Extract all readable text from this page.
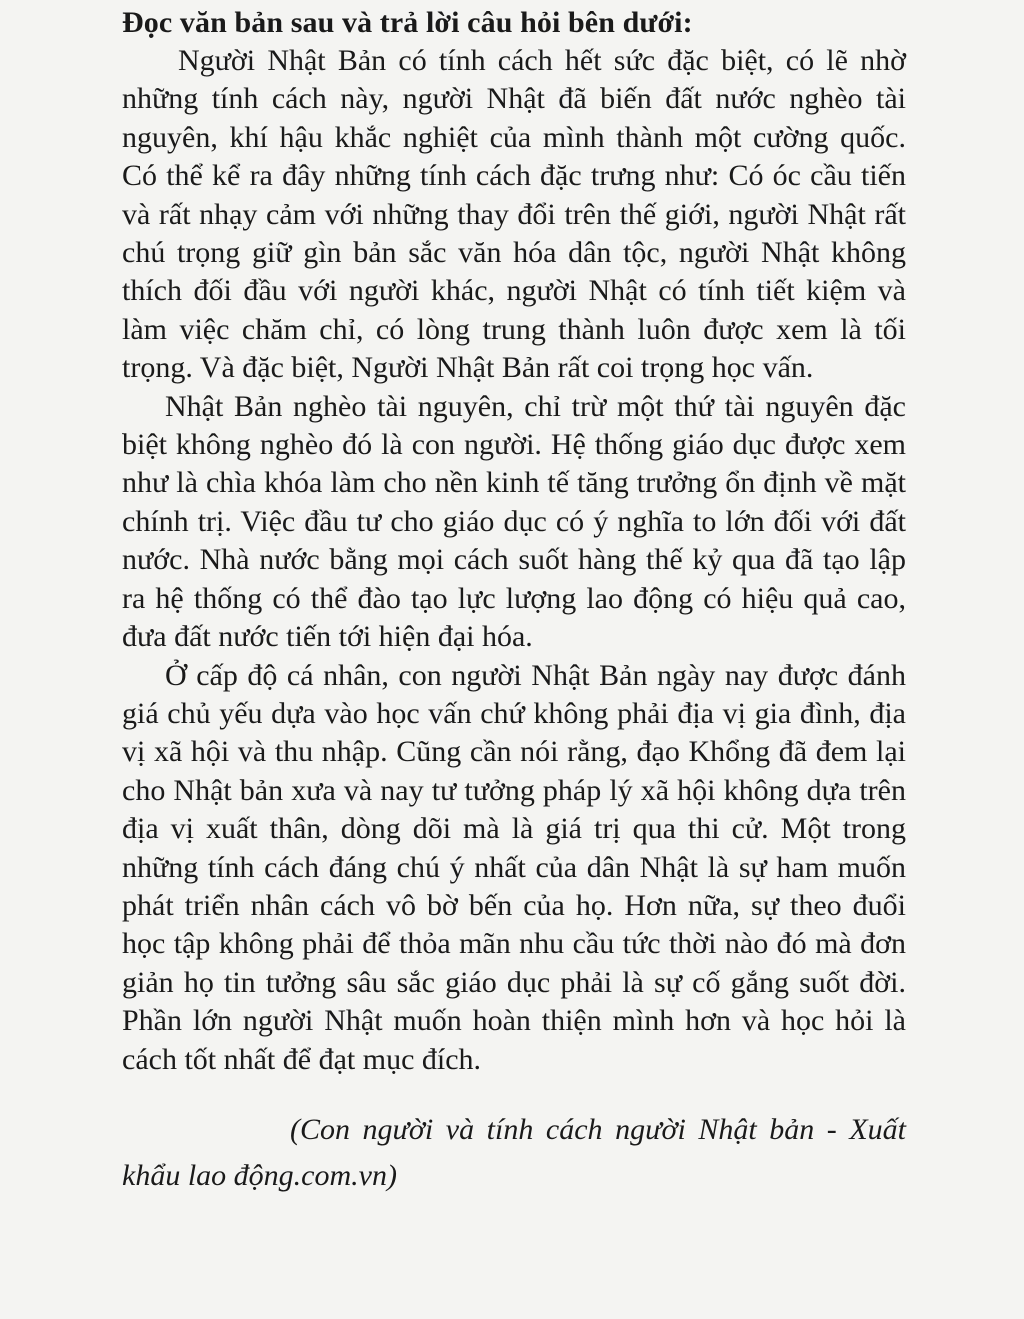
Đọc văn bản sau và trả lời câu hỏi bên dưới:

Người Nhật Bản có tính cách hết sức đặc biệt, có lẽ nhờ những tính cách này, người Nhật đã biến đất nước nghèo tài nguyên, khí hậu khắc nghiệt của mình thành một cường quốc. Có thể kể ra đây những tính cách đặc trưng như: Có óc cầu tiến và rất nhạy cảm với những thay đổi trên thế giới, người Nhật rất chú trọng giữ gìn bản sắc văn hóa dân tộc, người Nhật không thích đối đầu với người khác, người Nhật có tính tiết kiệm và làm việc chăm chỉ, có lòng trung thành luôn được xem là tối trọng. Và đặc biệt, Người Nhật Bản rất coi trọng học vấn.

Nhật Bản nghèo tài nguyên, chỉ trừ một thứ tài nguyên đặc biệt không nghèo đó là con người. Hệ thống giáo dục được xem như là chìa khóa làm cho nền kinh tế tăng trưởng ổn định về mặt chính trị. Việc đầu tư cho giáo dục có ý nghĩa to lớn đối với đất nước. Nhà nước bằng mọi cách suốt hàng thế kỷ qua đã tạo lập ra hệ thống có thể đào tạo lực lượng lao động có hiệu quả cao, đưa đất nước tiến tới hiện đại hóa.

Ở cấp độ cá nhân, con người Nhật Bản ngày nay được đánh giá chủ yếu dựa vào học vấn chứ không phải địa vị gia đình, địa vị xã hội và thu nhập. Cũng cần nói rằng, đạo Khổng đã đem lại cho Nhật bản xưa và nay tư tưởng pháp lý xã hội không dựa trên địa vị xuất thân, dòng dõi mà là giá trị qua thi cử. Một trong những tính cách đáng chú ý nhất của dân Nhật là sự ham muốn phát triển nhân cách vô bờ bến của họ. Hơn nữa, sự theo đuổi học tập không phải để thỏa mãn nhu cầu tức thời nào đó mà đơn giản họ tin tưởng sâu sắc giáo dục phải là sự cố gắng suốt đời. Phần lớn người Nhật muốn hoàn thiện mình hơn và học hỏi là cách tốt nhất để đạt mục đích.

(Con người và tính cách người Nhật bản - Xuất khẩu lao động.com.vn)
